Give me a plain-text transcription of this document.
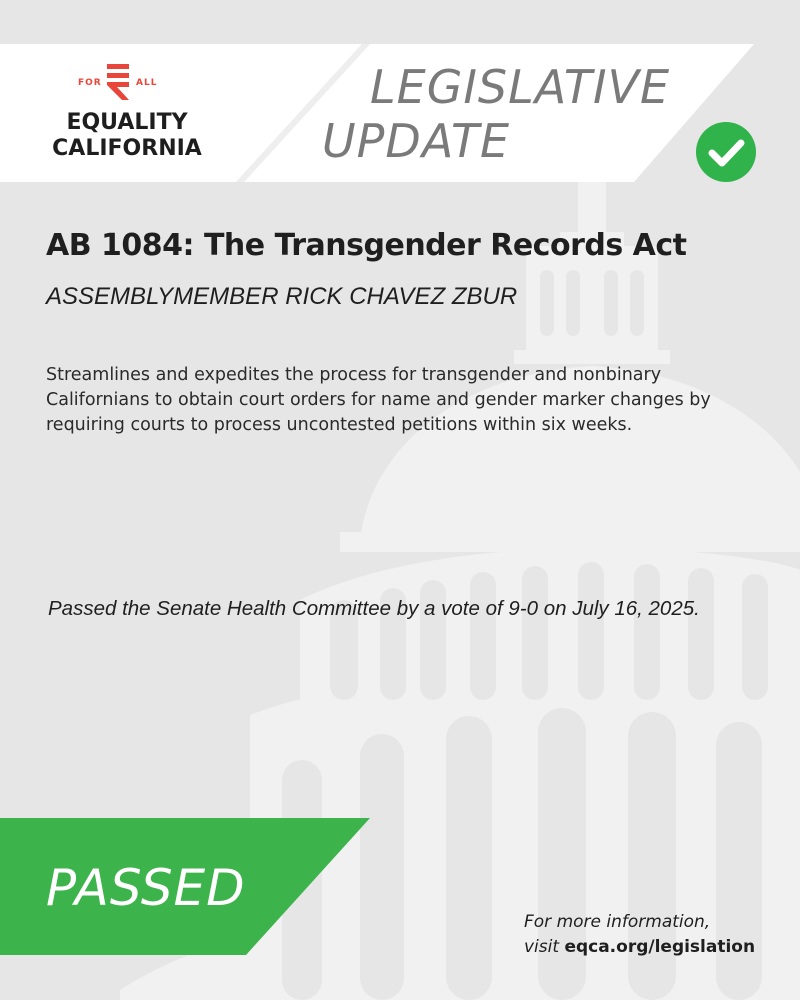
FOR	ALL
EQUALITY
CALIFORNIA
LEGISLATIVE
UPDATE
AB 1084: The Transgender Records Act
ASSEMBLYMEMBER RICK CHAVEZ ZBUR
Streamlines and expedites the process for transgender and nonbinary
Californians to obtain court orders for name and gender marker changes by
requiring courts to process uncontested petitions within six weeks.
Passed the Senate Health Committee by a vote of 9-0 on July 16, 2025.
PASSED
For more information,
visit eqca.org/legislation
